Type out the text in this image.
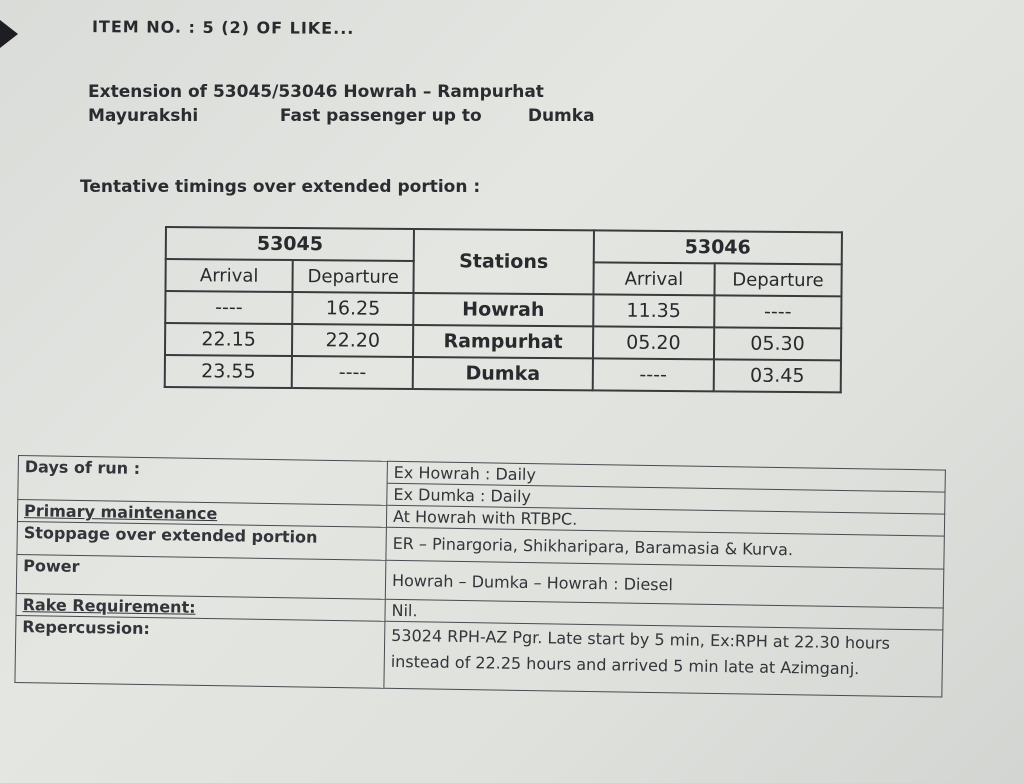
ITEM NO. : 5 (2) OF LIKE...
Extension of 53045/53046 Howrah – Rampurhat
Mayurakshi	Fast passenger up to	Dumka
Tentative timings over extended portion :
53045		Stations	53046	
Arrival	Departure		Arrival	Departure
----	16.25	Howrah	11.35	----
22.15	22.20	Rampurhat	05.20	05.30
23.55	----	Dumka	----	03.45
Days of run :	Ex Howrah : Daily
	Ex Dumka : Daily
Primary maintenance	At Howrah with RTBPC.
Stoppage over extended portion	ER – Pinargoria, Shikharipara, Baramasia & Kurva.
Power	Howrah – Dumka – Howrah : Diesel
Rake Requirement:	Nil.
Repercussion:	53024 RPH-AZ Pgr. Late start by 5 min, Ex:RPH at 22.30 hours instead of 22.25 hours and arrived 5 min late at Azimganj.
